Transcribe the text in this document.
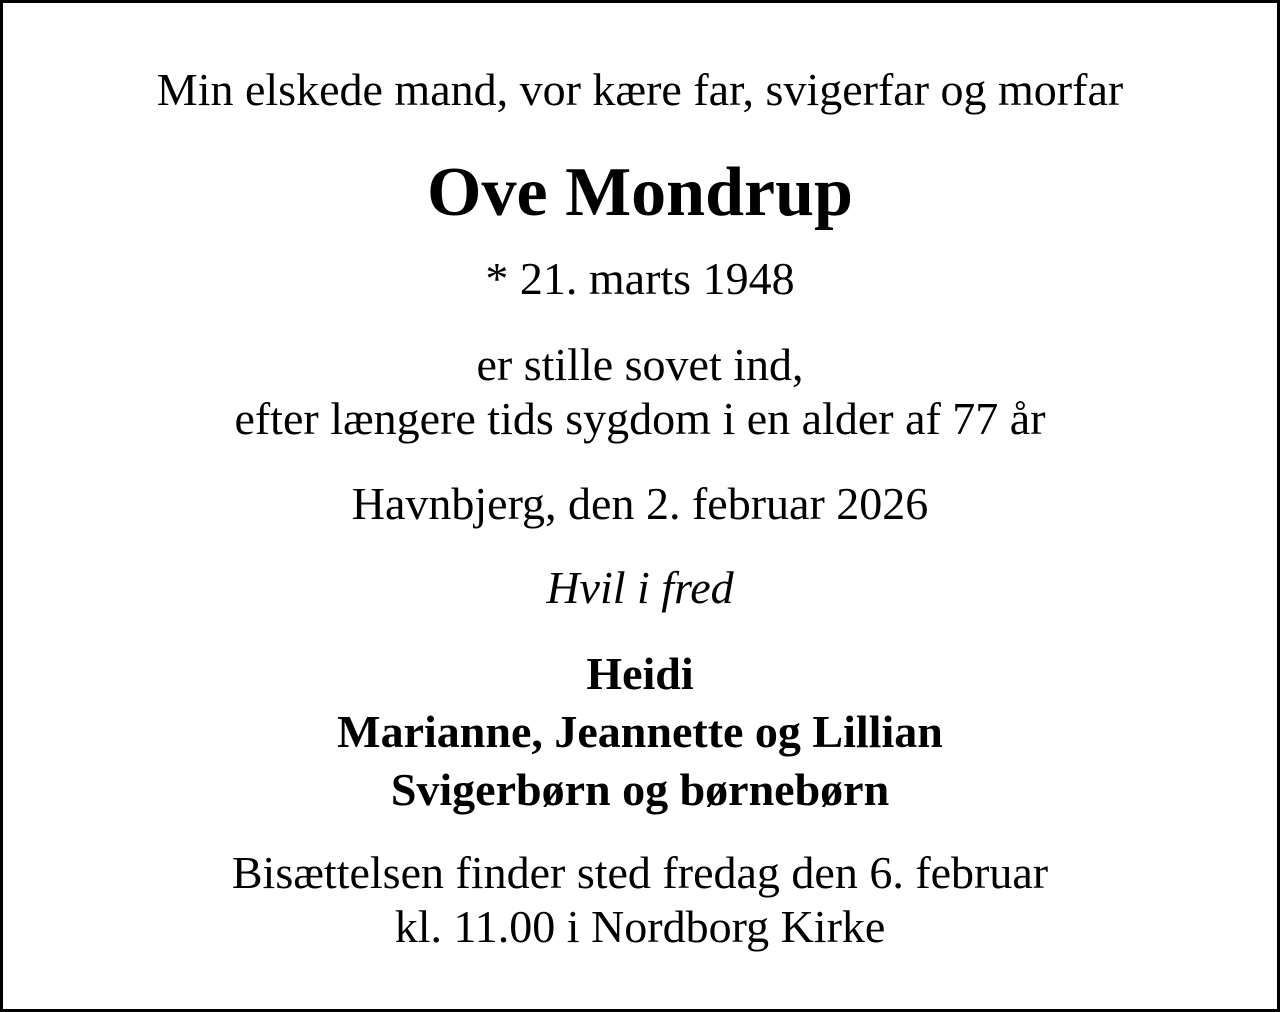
Min elskede mand, vor kære far, svigerfar og morfar
Ove Mondrup
* 21. marts 1948
er stille sovet ind,
efter længere tids sygdom i en alder af 77 år
Havnbjerg, den 2. februar 2026
Hvil i fred
Heidi
Marianne, Jeannette og Lillian
Svigerbørn og børnebørn
Bisættelsen finder sted fredag den 6. februar
kl. 11.00 i Nordborg Kirke
